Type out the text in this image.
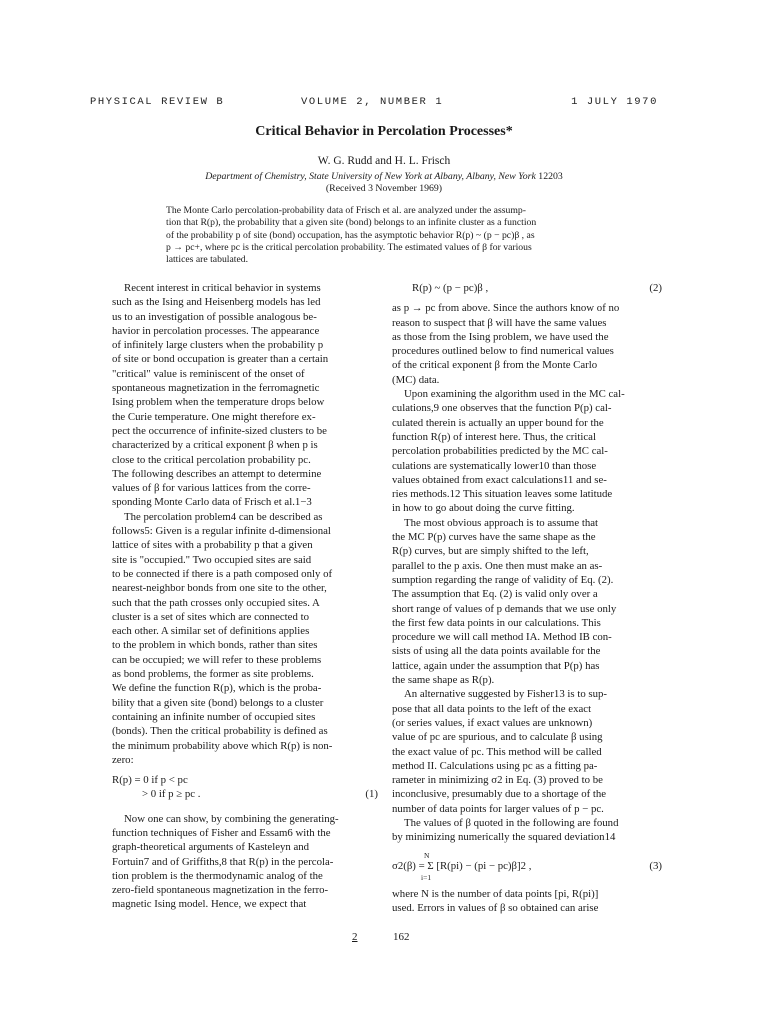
PHYSICAL REVIEW B	VOLUME 2, NUMBER 1	1 JULY 1970
Critical Behavior in Percolation Processes*
W. G. Rudd and H. L. Frisch
Department of Chemistry, State University of New York at Albany, Albany, New York 12203
(Received 3 November 1969)
The Monte Carlo percolation-probability data of Frisch et al. are analyzed under the assump-
tion that R(p), the probability that a given site (bond) belongs to an infinite cluster as a function
of the probability p of site (bond) occupation, has the asymptotic behavior R(p) ~ (p − pc)β , as
p → pc+, where pc is the critical percolation probability. The estimated values of β for various
lattices are tabulated.
Recent interest in critical behavior in systems
such as the Ising and Heisenberg models has led
us to an investigation of possible analogous be-
havior in percolation processes. The appearance
of infinitely large clusters when the probability p
of site or bond occupation is greater than a certain
"critical" value is reminiscent of the onset of
spontaneous magnetization in the ferromagnetic
Ising problem when the temperature drops below
the Curie temperature. One might therefore ex-
pect the occurrence of infinite-sized clusters to be
characterized by a critical exponent β when p is
close to the critical percolation probability pc.
The following describes an attempt to determine
values of β for various lattices from the corre-
sponding Monte Carlo data of Frisch et al.1−3
The percolation problem4 can be described as
follows5: Given is a regular infinite d-dimensional
lattice of sites with a probability p that a given
site is "occupied." Two occupied sites are said
to be connected if there is a path composed only of
nearest-neighbor bonds from one site to the other,
such that the path crosses only occupied sites. A
cluster is a set of sites which are connected to
each other. A similar set of definitions applies
to the problem in which bonds, rather than sites
can be occupied; we will refer to these problems
as bond problems, the former as site problems.
We define the function R(p), which is the proba-
bility that a given site (bond) belongs to a cluster
containing an infinite number of occupied sites
(bonds). Then the critical probability is defined as
the minimum probability above which R(p) is non-
zero:
R(p) = 0 if p < pc
> 0 if p ≥ pc .	(1)
Now one can show, by combining the generating-
function techniques of Fisher and Essam6 with the
graph-theoretical arguments of Kasteleyn and
Fortuin7 and of Griffiths,8 that R(p) in the percola-
tion problem is the thermodynamic analog of the
zero-field spontaneous magnetization in the ferro-
magnetic Ising model. Hence, we expect that
R(p) ~ (p − pc)β ,	(2)
as p → pc from above. Since the authors know of no
reason to suspect that β will have the same values
as those from the Ising problem, we have used the
procedures outlined below to find numerical values
of the critical exponent β from the Monte Carlo
(MC) data.
Upon examining the algorithm used in the MC cal-
culations,9 one observes that the function P(p) cal-
culated therein is actually an upper bound for the
function R(p) of interest here. Thus, the critical
percolation probabilities predicted by the MC cal-
culations are systematically lower10 than those
values obtained from exact calculations11 and se-
ries methods.12 This situation leaves some latitude
in how to go about doing the curve fitting.
The most obvious approach is to assume that
the MC P(p) curves have the same shape as the
R(p) curves, but are simply shifted to the left,
parallel to the p axis. One then must make an as-
sumption regarding the range of validity of Eq. (2).
The assumption that Eq. (2) is valid only over a
short range of values of p demands that we use only
the first few data points in our calculations. This
procedure we will call method IA. Method IB con-
sists of using all the data points available for the
lattice, again under the assumption that P(p) has
the same shape as R(p).
An alternative suggested by Fisher13 is to sup-
pose that all data points to the left of the exact
(or series values, if exact values are unknown)
value of pc are spurious, and to calculate β using
the exact value of pc. This method will be called
method II. Calculations using pc as a fitting pa-
rameter in minimizing σ2 in Eq. (3) proved to be
inconclusive, presumably due to a shortage of the
number of data points for larger values of p − pc.
The values of β quoted in the following are found
by minimizing numerically the squared deviation14
N
σ2(β) = Σ [R(pi) − (pi − pc)β]2 ,
i=1
(3)
where N is the number of data points [pi, R(pi)]
used. Errors in values of β so obtained can arise
2	162
